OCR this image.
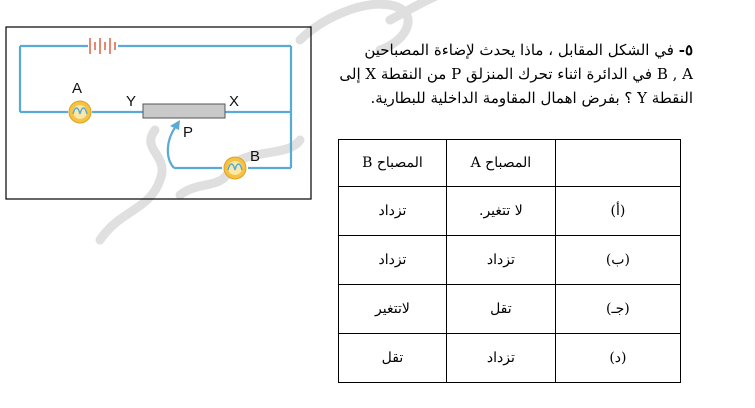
A
Y	X
P
B
٥- في الشكل المقابل ، ماذا يحدث لإضاءة المصباحين
B , A في الدائرة اثناء تحرك المنزلق P من النقطة X إلى
النقطة Y ؟ بفرض اهمال المقاومة الداخلية للبطارية.
	المصباح A	المصباح B
(أ)	لا تتغير.	تزداد
(ب)	تزداد	تزداد
(جـ)	تقل	لاتتغير
(د)	تزداد	تقل
